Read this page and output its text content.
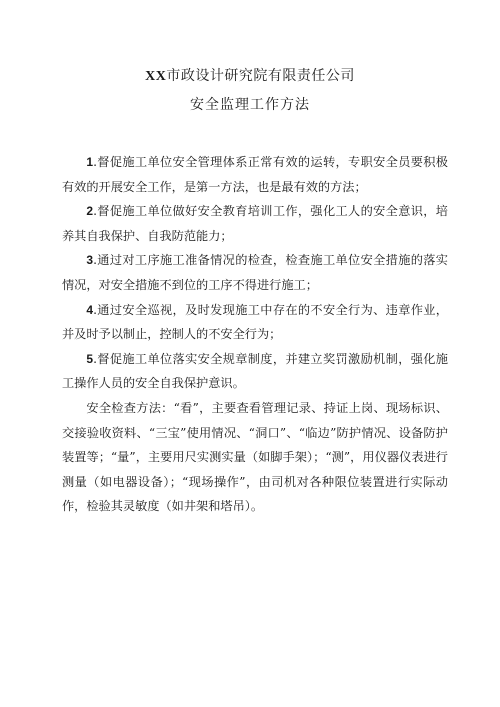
XX市政设计研究院有限责任公司

安全监理工作方法

1.督促施工单位安全管理体系正常有效的运转，专职安全员要积极有效的开展安全工作，是第一方法，也是最有效的方法；

2.督促施工单位做好安全教育培训工作，强化工人的安全意识，培养其自我保护、自我防范能力；

3.通过对工序施工准备情况的检查，检查施工单位安全措施的落实情况，对安全措施不到位的工序不得进行施工；

4.通过安全巡视，及时发现施工中存在的不安全行为、违章作业，并及时予以制止，控制人的不安全行为；

5.督促施工单位落实安全规章制度，并建立奖罚激励机制，强化施工操作人员的安全自我保护意识。

安全检查方法：“看”，主要查看管理记录、持证上岗、现场标识、交接验收资料、“三宝”使用情况、“洞口”、“临边”防护情况、设备防护装置等；“量”，主要用尺实测实量（如脚手架）；“测”，用仪器仪表进行测量（如电器设备）；“现场操作”，由司机对各种限位装置进行实际动作，检验其灵敏度（如井架和塔吊）。
